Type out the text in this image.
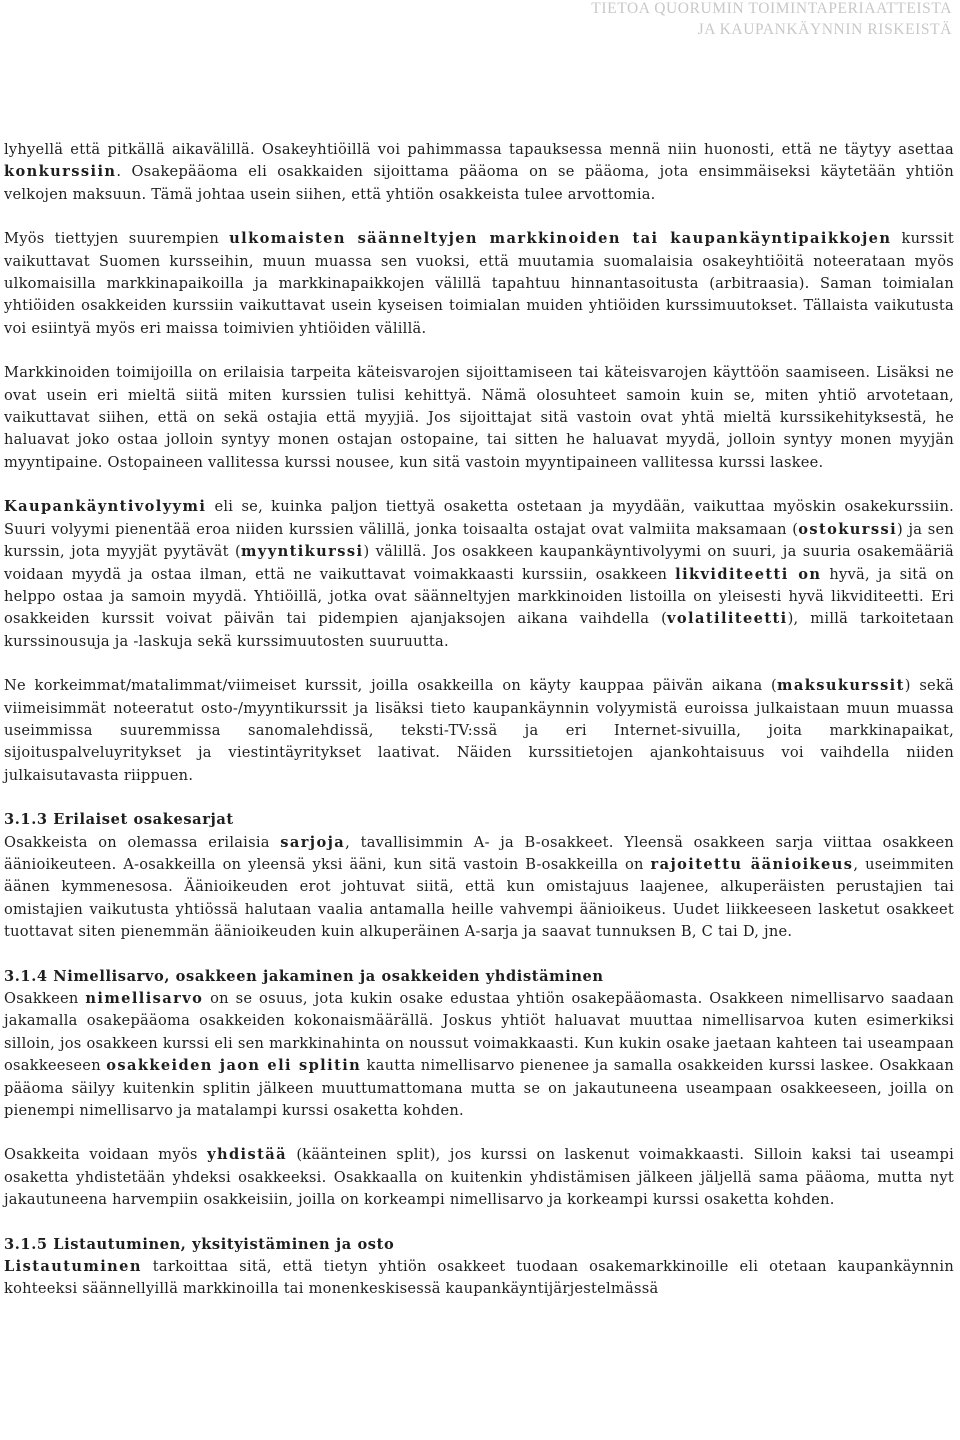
TIETOA QUORUMIN TOIMINTAPERIAATTEISTA
JA KAUPANKÄYNNIN RISKEISTÄ

lyhyellä että pitkällä aikavälillä. Osakeyhtiöillä voi pahimmassa tapauksessa mennä niin huonosti, että ne täytyy asettaa konkurssiin. Osakepääoma eli osakkaiden sijoittama pääoma on se pääoma, jota ensimmäiseksi käytetään yhtiön velkojen maksuun. Tämä johtaa usein siihen, että yhtiön osakkeista tulee arvottomia.

Myös tiettyjen suurempien ulkomaisten säänneltyjen markkinoiden tai kaupankäyntipaikkojen kurssit vaikuttavat Suomen kursseihin, muun muassa sen vuoksi, että muutamia suomalaisia osakeyhtiöitä noteerataan myös ulkomaisilla markkinapaikoilla ja markkinapaikkojen välillä tapahtuu hinnantasoitusta (arbitraasia). Saman toimialan yhtiöiden osakkeiden kurssiin vaikuttavat usein kyseisen toimialan muiden yhtiöiden kurssimuutokset. Tällaista vaikutusta voi esiintyä myös eri maissa toimivien yhtiöiden välillä.

Markkinoiden toimijoilla on erilaisia tarpeita käteisvarojen sijoittamiseen tai käteisvarojen käyttöön saamiseen. Lisäksi ne ovat usein eri mieltä siitä miten kurssien tulisi kehittyä. Nämä olosuhteet samoin kuin se, miten yhtiö arvotetaan, vaikuttavat siihen, että on sekä ostajia että myyjiä. Jos sijoittajat sitä vastoin ovat yhtä mieltä kurssikehityksestä, he haluavat joko ostaa jolloin syntyy monen ostajan ostopaine, tai sitten he haluavat myydä, jolloin syntyy monen myyjän myyntipaine. Ostopaineen vallitessa kurssi nousee, kun sitä vastoin myyntipaineen vallitessa kurssi laskee.

Kaupankäyntivolyymi eli se, kuinka paljon tiettyä osaketta ostetaan ja myydään, vaikuttaa myöskin osakekurssiin. Suuri volyymi pienentää eroa niiden kurssien välillä, jonka toisaalta ostajat ovat valmiita maksamaan (ostokurssi) ja sen kurssin, jota myyjät pyytävät (myyntikurssi) välillä. Jos osakkeen kaupankäyntivolyymi on suuri, ja suuria osakemääriä voidaan myydä ja ostaa ilman, että ne vaikuttavat voimakkaasti kurssiin, osakkeen likviditeetti on hyvä, ja sitä on helppo ostaa ja samoin myydä. Yhtiöillä, jotka ovat säänneltyjen markkinoiden listoilla on yleisesti hyvä likviditeetti. Eri osakkeiden kurssit voivat päivän tai pidempien ajanjaksojen aikana vaihdella (volatiliteetti), millä tarkoitetaan kurssinousuja ja -laskuja sekä kurssimuutosten suuruutta.

Ne korkeimmat/matalimmat/viimeiset kurssit, joilla osakkeilla on käyty kauppaa päivän aikana (maksukurssit) sekä viimeisimmät noteeratut osto-/myyntikurssit ja lisäksi tieto kaupankäynnin volyymistä euroissa julkaistaan muun muassa useimmissa suuremmissa sanomalehdissä, teksti-TV:ssä ja eri Internet-sivuilla, joita markkinapaikat, sijoituspalveluyritykset ja viestintäyritykset laativat. Näiden kurssitietojen ajankohtaisuus voi vaihdella niiden julkaisutavasta riippuen.

3.1.3 Erilaiset osakesarjat

Osakkeista on olemassa erilaisia sarjoja, tavallisimmin A- ja B-osakkeet. Yleensä osakkeen sarja viittaa osakkeen äänioikeuteen. A-osakkeilla on yleensä yksi ääni, kun sitä vastoin B-osakkeilla on rajoitettu äänioikeus, useimmiten äänen kymmenesosa. Äänioikeuden erot johtuvat siitä, että kun omistajuus laajenee, alkuperäisten perustajien tai omistajien vaikutusta yhtiössä halutaan vaalia antamalla heille vahvempi äänioikeus. Uudet liikkeeseen lasketut osakkeet tuottavat siten pienemmän äänioikeuden kuin alkuperäinen A-sarja ja saavat tunnuksen B, C tai D, jne.

3.1.4 Nimellisarvo, osakkeen jakaminen ja osakkeiden yhdistäminen

Osakkeen nimellisarvo on se osuus, jota kukin osake edustaa yhtiön osakepääomasta. Osakkeen nimellisarvo saadaan jakamalla osakepääoma osakkeiden kokonaismäärällä. Joskus yhtiöt haluavat muuttaa nimellisarvoa kuten esimerkiksi silloin, jos osakkeen kurssi eli sen markkinahinta on noussut voimakkaasti. Kun kukin osake jaetaan kahteen tai useampaan osakkeeseen osakkeiden jaon eli splitin kautta nimellisarvo pienenee ja samalla osakkeiden kurssi laskee. Osakkaan pääoma säilyy kuitenkin splitin jälkeen muuttumattomana mutta se on jakautuneena useampaan osakkeeseen, joilla on pienempi nimellisarvo ja matalampi kurssi osaketta kohden.

Osakkeita voidaan myös yhdistää (käänteinen split), jos kurssi on laskenut voimakkaasti. Silloin kaksi tai useampi osaketta yhdistetään yhdeksi osakkeeksi. Osakkaalla on kuitenkin yhdistämisen jälkeen jäljellä sama pääoma, mutta nyt jakautuneena harvempiin osakkeisiin, joilla on korkeampi nimellisarvo ja korkeampi kurssi osaketta kohden.

3.1.5 Listautuminen, yksityistäminen ja osto

Listautuminen tarkoittaa sitä, että tietyn yhtiön osakkeet tuodaan osakemarkkinoille eli otetaan kaupankäynnin kohteeksi säännellyillä markkinoilla tai monenkeskisessä kaupankäyntijärjestelmässä
